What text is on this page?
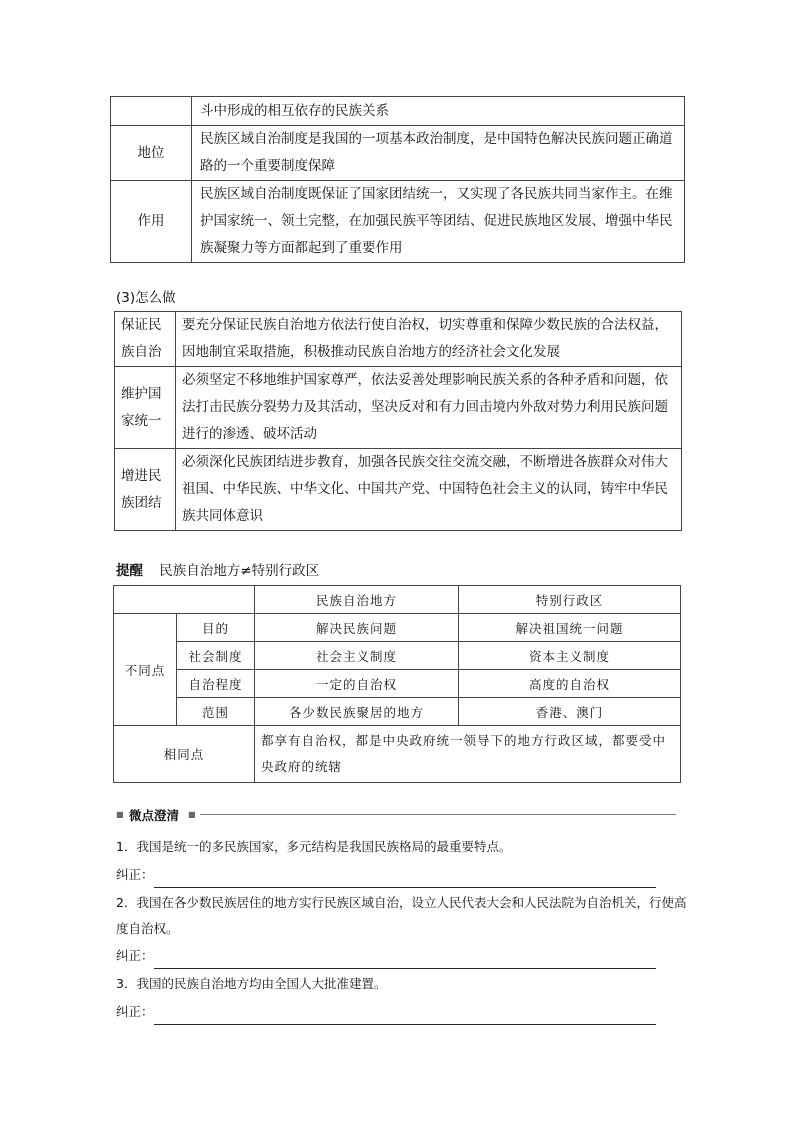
	斗中形成的相互依存的民族关系
地位	民族区域自治制度是我国的一项基本政治制度，是中国特色解决民族问题正确道路的一个重要制度保障
作用	民族区域自治制度既保证了国家团结统一，又实现了各民族共同当家作主。在维护国家统一、领土完整，在加强民族平等团结、促进民族地区发展、增强中华民族凝聚力等方面都起到了重要作用
(3)怎么做
保证民族自治	要充分保证民族自治地方依法行使自治权，切实尊重和保障少数民族的合法权益，因地制宜采取措施，积极推动民族自治地方的经济社会文化发展
维护国家统一	必须坚定不移地维护国家尊严，依法妥善处理影响民族关系的各种矛盾和问题，依法打击民族分裂势力及其活动，坚决反对和有力回击境内外敌对势力利用民族问题进行的渗透、破坏活动
增进民族团结	必须深化民族团结进步教育，加强各民族交往交流交融，不断增进各族群众对伟大祖国、中华民族、中华文化、中国共产党、中国特色社会主义的认同，铸牢中华民族共同体意识
提醒 民族自治地方≠特别行政区
		民族自治地方	特别行政区
不同点	目的	解决民族问题	解决祖国统一问题
	社会制度	社会主义制度	资本主义制度
	自治程度	一定的自治权	高度的自治权
	范围	各少数民族聚居的地方	香港、澳门
相同点		都享有自治权，都是中央政府统一领导下的地方行政区域，都要受中央政府的统辖	
■ 微点澄清 ■
1．我国是统一的多民族国家，多元结构是我国民族格局的最重要特点。
纠正：
2．我国在各少数民族居住的地方实行民族区域自治，设立人民代表大会和人民法院为自治机关，行使高度自治权。
纠正：
3．我国的民族自治地方均由全国人大批准建置。
纠正：
